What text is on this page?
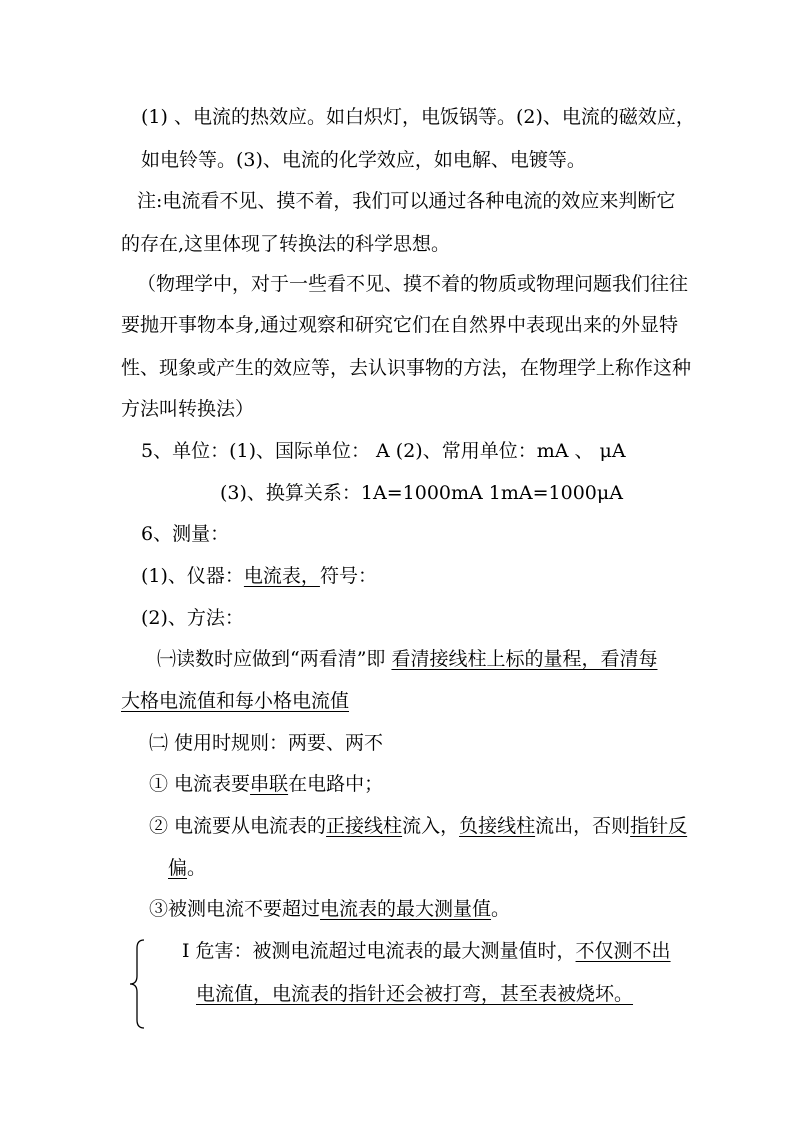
(1) 、电流的热效应。如白炽灯，电饭锅等。(2)、电流的磁效应，
如电铃等。(3)、电流的化学效应，如电解、电镀等。
注:电流看不见、摸不着，我们可以通过各种电流的效应来判断它
的存在,这里体现了转换法的科学思想。
（物理学中，对于一些看不见、摸不着的物质或物理问题我们往往
要抛开事物本身,通过观察和研究它们在自然界中表现出来的外显特
性、现象或产生的效应等，去认识事物的方法，在物理学上称作这种
方法叫转换法）
5、单位：(1)、国际单位： A (2)、常用单位：mA 、 μA
(3)、换算关系：1A=1000mA 1mA=1000μA
6、测量：
(1)、仪器：电流表，符号：
(2)、方法：
㈠读数时应做到“两看清”即 看清接线柱上标的量程，看清每
大格电流值和每小格电流值
㈡ 使用时规则：两要、两不
① 电流表要串联在电路中；
② 电流要从电流表的正接线柱流入，负接线柱流出，否则指针反
偏。
③被测电流不要超过电流表的最大测量值。
Ⅰ 危害：被测电流超过电流表的最大测量值时，不仅测不出
电流值，电流表的指针还会被打弯，甚至表被烧坏。
